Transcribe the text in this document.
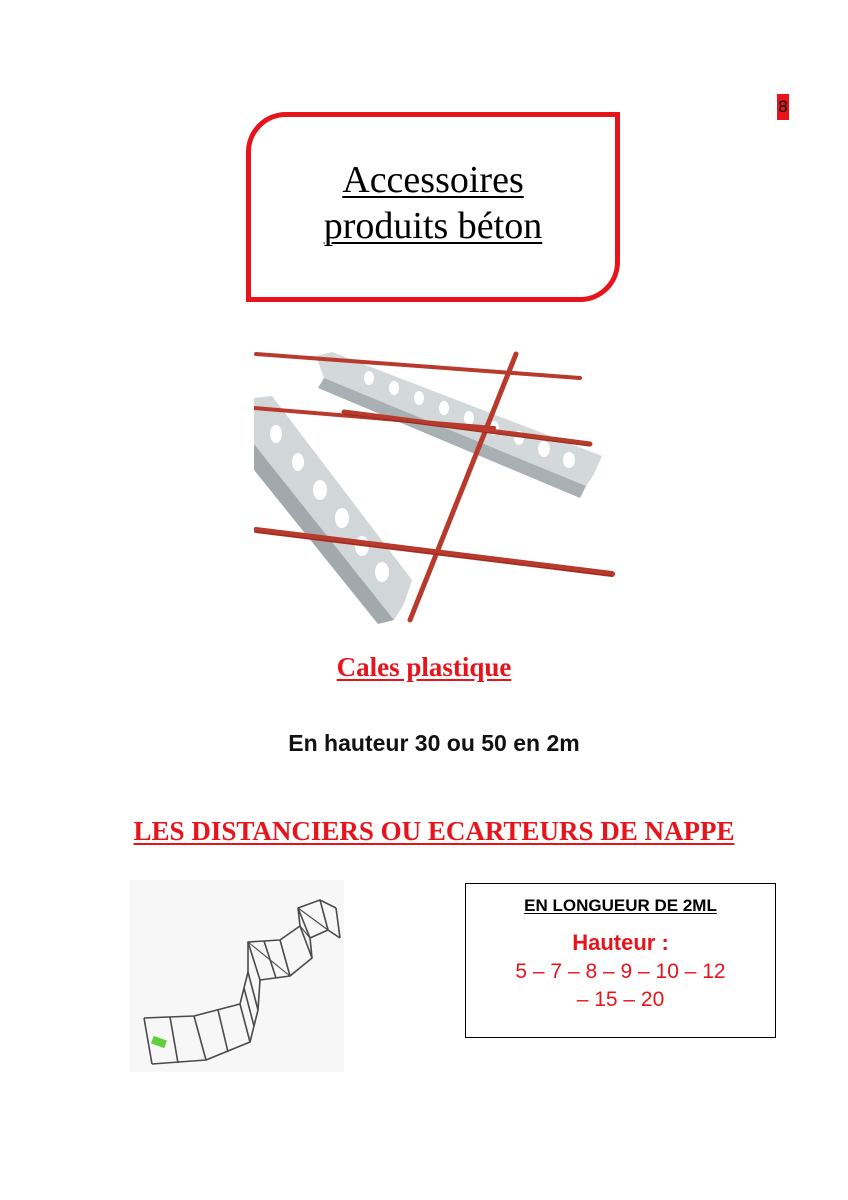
8
Accessoires
produits béton
Cales plastique
En hauteur 30 ou 50 en 2m
LES DISTANCIERS OU ECARTEURS DE NAPPE
EN LONGUEUR DE 2ML
Hauteur :
5 – 7 – 8 – 9 – 10 – 12
– 15 – 20
